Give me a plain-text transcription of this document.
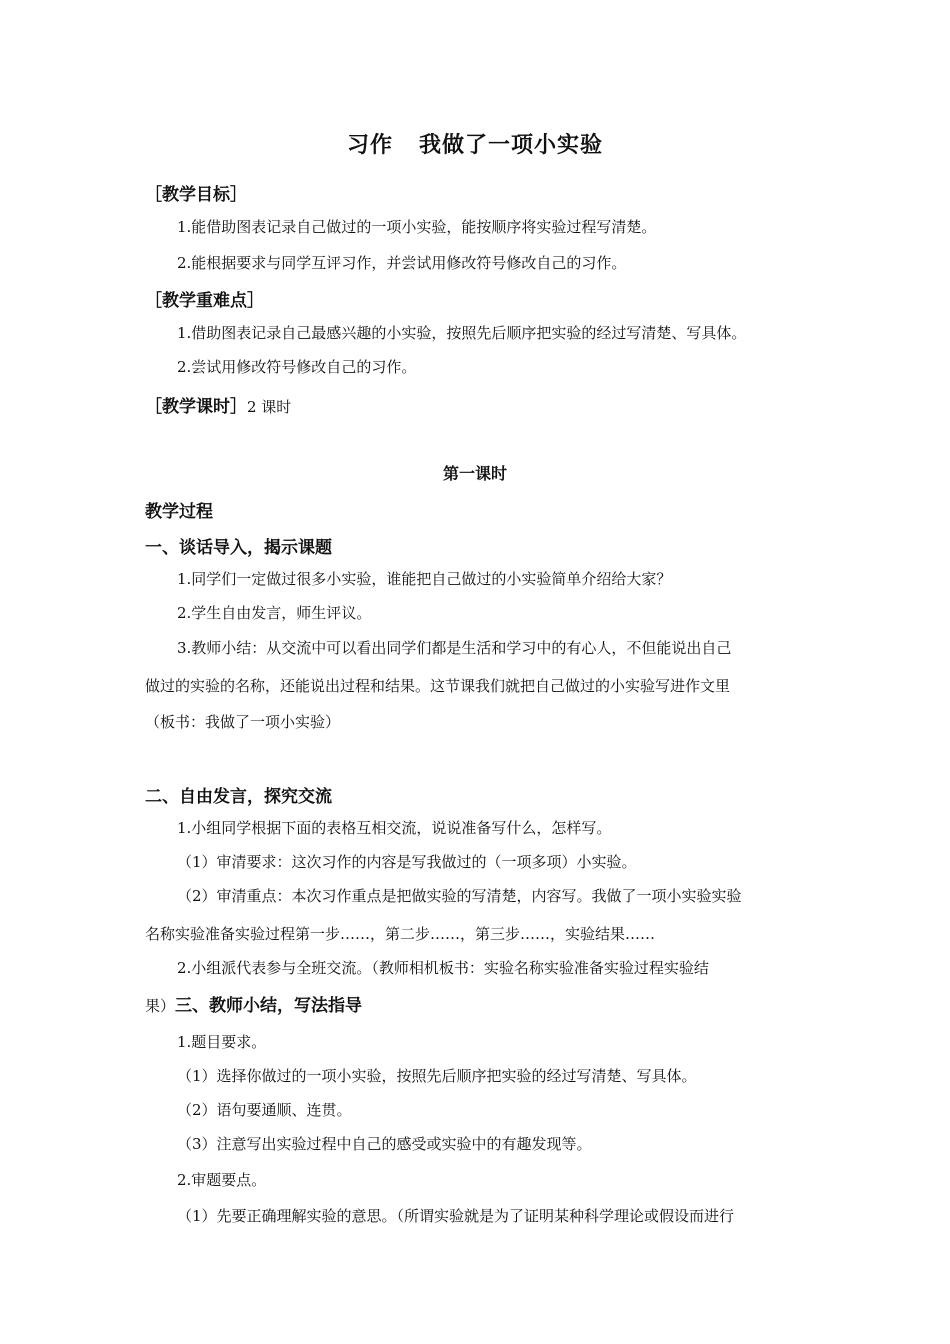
习作 我做了一项小实验
［教学目标］
1.能借助图表记录自己做过的一项小实验，能按顺序将实验过程写清楚。
2.能根据要求与同学互评习作，并尝试用修改符号修改自己的习作。
［教学重难点］
1.借助图表记录自己最感兴趣的小实验，按照先后顺序把实验的经过写清楚、写具体。
2.尝试用修改符号修改自己的习作。
［教学课时］2 课时
第一课时
教学过程
一、谈话导入，揭示课题
1.同学们一定做过很多小实验，谁能把自己做过的小实验简单介绍给大家？
2.学生自由发言，师生评议。
3.教师小结：从交流中可以看出同学们都是生活和学习中的有心人，不但能说出自己
做过的实验的名称，还能说出过程和结果。这节课我们就把自己做过的小实验写进作文里
（板书：我做了一项小实验）
二、自由发言，探究交流
1.小组同学根据下面的表格互相交流，说说准备写什么，怎样写。
（1）审清要求：这次习作的内容是写我做过的（一项多项）小实验。
（2）审清重点：本次习作重点是把做实验的写清楚，内容写。我做了一项小实验实验
名称实验准备实验过程第一步……，第二步……，第三步……，实验结果……
2.小组派代表参与全班交流。（教师相机板书：实验名称实验准备实验过程实验结
果）三、教师小结，写法指导
1.题目要求。
（1）选择你做过的一项小实验，按照先后顺序把实验的经过写清楚、写具体。
（2）语句要通顺、连贯。
（3）注意写出实验过程中自己的感受或实验中的有趣发现等。
2.审题要点。
（1）先要正确理解实验的意思。（所谓实验就是为了证明某种科学理论或假设而进行
